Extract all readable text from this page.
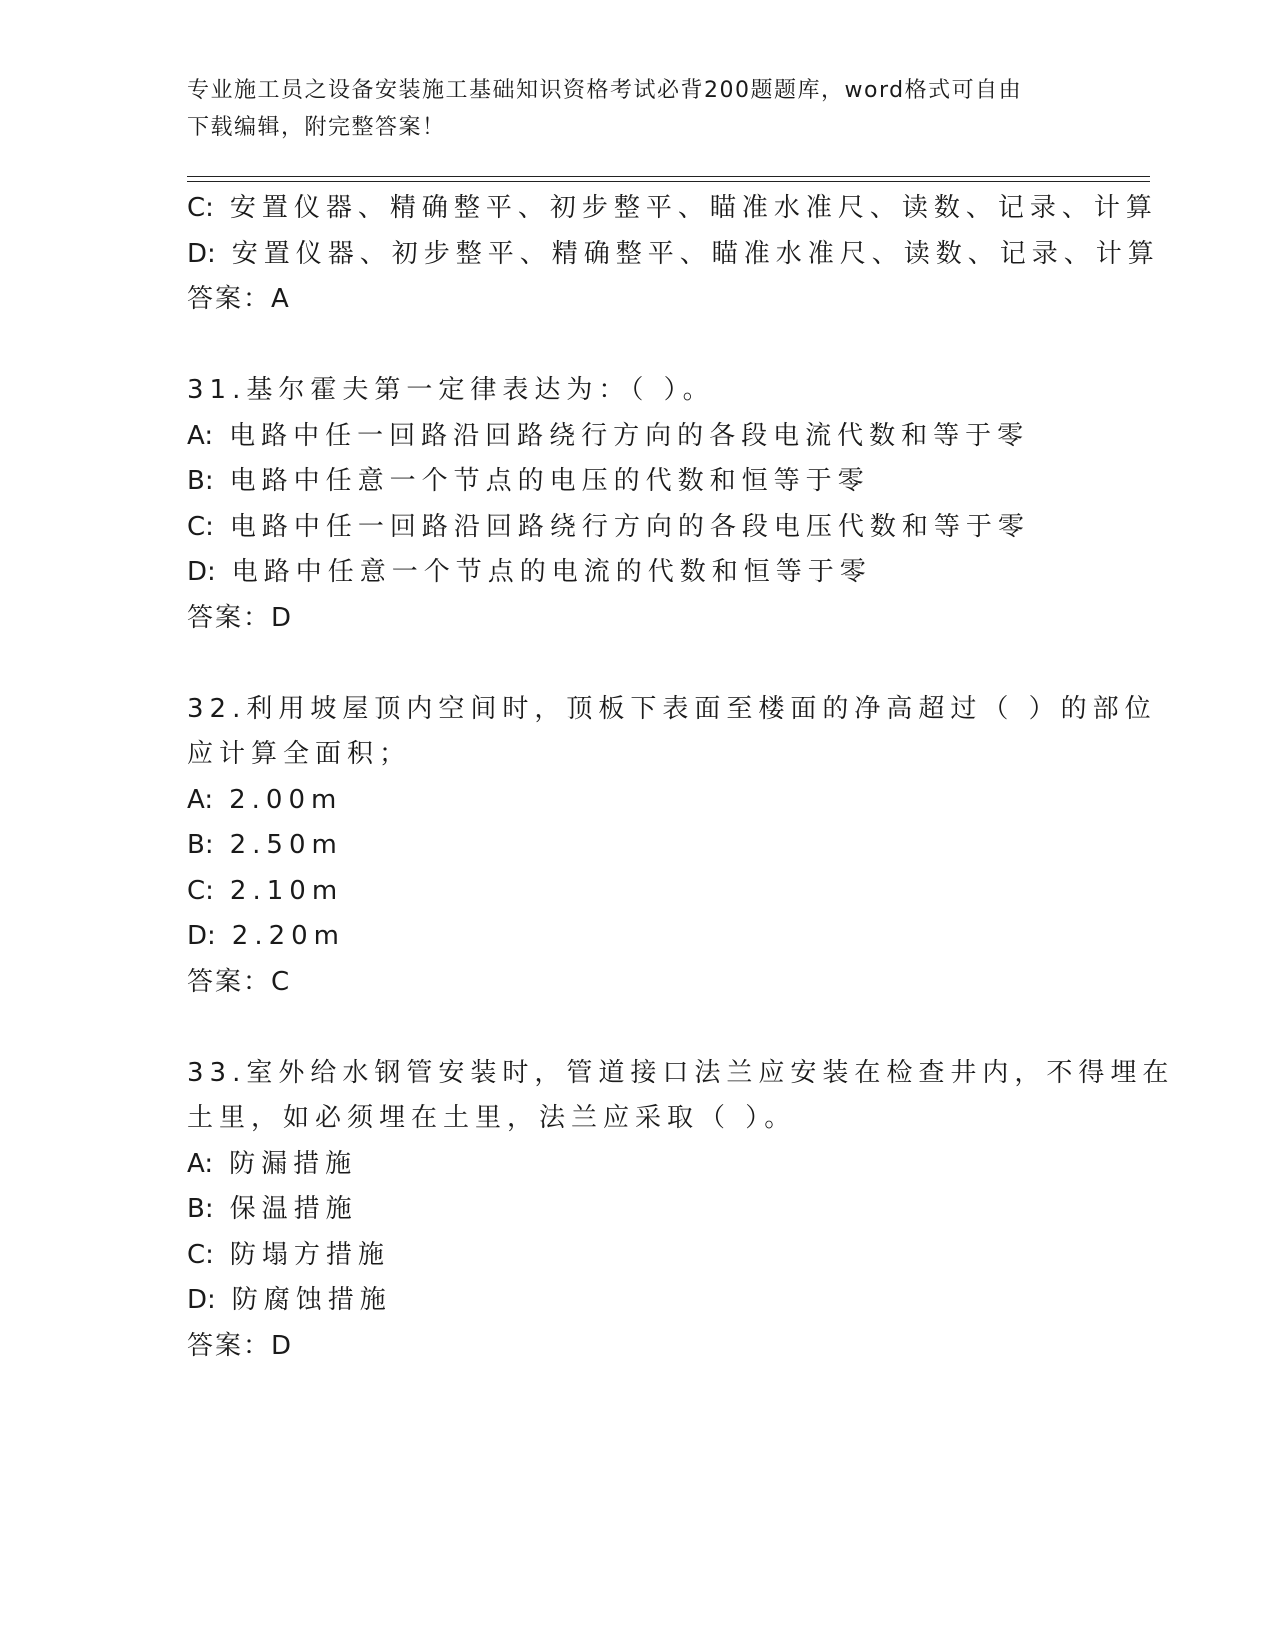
专业施工员之设备安装施工基础知识资格考试必背200题题库，word格式可自由
下载编辑，附完整答案！
C: 安置仪器、精确整平、初步整平、瞄准水准尺、读数、记录、计算
D: 安置仪器、初步整平、精确整平、瞄准水准尺、读数、记录、计算
答案：A
31.基尔霍夫第一定律表达为：（ ）。
A: 电路中任一回路沿回路绕行方向的各段电流代数和等于零
B: 电路中任意一个节点的电压的代数和恒等于零
C: 电路中任一回路沿回路绕行方向的各段电压代数和等于零
D: 电路中任意一个节点的电流的代数和恒等于零
答案：D
32.利用坡屋顶内空间时，顶板下表面至楼面的净高超过（ ）的部位
应计算全面积；
A: 2.00m
B: 2.50m
C: 2.10m
D: 2.20m
答案：C
33.室外给水钢管安装时，管道接口法兰应安装在检查井内，不得埋在
土里，如必须埋在土里，法兰应采取（ ）。
A: 防漏措施
B: 保温措施
C: 防塌方措施
D: 防腐蚀措施
答案：D
